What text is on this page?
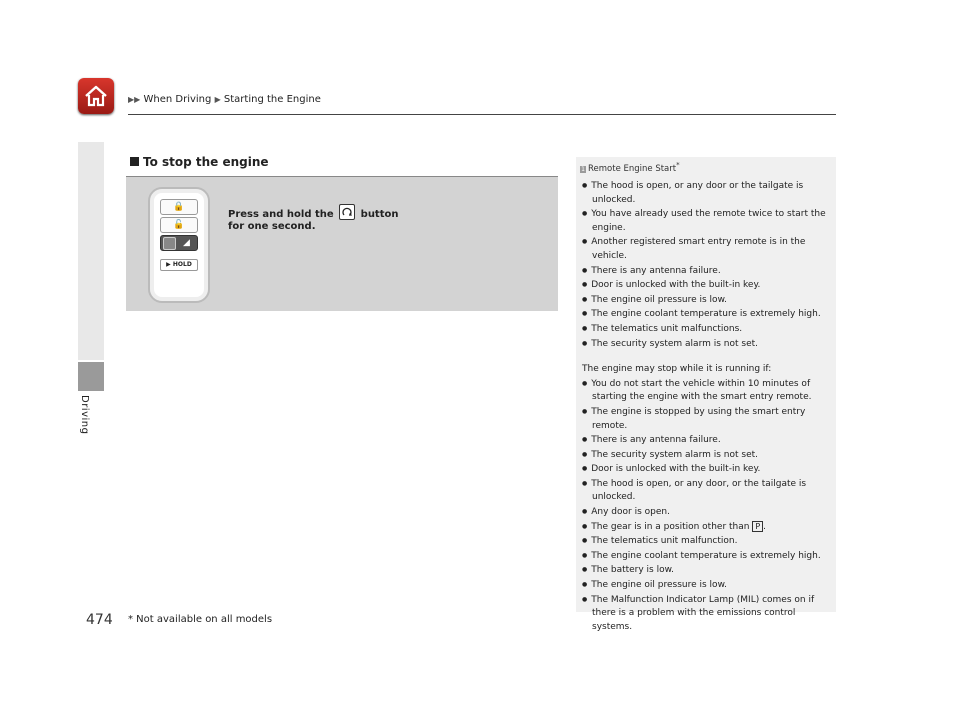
▶▶ When Driving ▶ Starting the Engine
Driving
To stop the engine
🔒
🔓
◢
▶ HOLD
Press and hold the	button
for one second.
1 Remote Engine Start*
● The hood is open, or any door or the tailgate is unlocked.
● You have already used the remote twice to start the engine.
● Another registered smart entry remote is in the vehicle.
● There is any antenna failure.
● Door is unlocked with the built-in key.
● The engine oil pressure is low.
● The engine coolant temperature is extremely high.
● The telematics unit malfunctions.
● The security system alarm is not set.

The engine may stop while it is running if:

● You do not start the vehicle within 10 minutes of starting the engine with the smart entry remote.
● The engine is stopped by using the smart entry remote.
● There is any antenna failure.
● The security system alarm is not set.
● Door is unlocked with the built-in key.
● The hood is open, or any door, or the tailgate is unlocked.
● Any door is open.
● The gear is in a position other than P .
● The telematics unit malfunction.
● The engine coolant temperature is extremely high.
● The battery is low.
● The engine oil pressure is low.
● The Malfunction Indicator Lamp (MIL) comes on if there is a problem with the emissions control systems.
474 * Not available on all models
